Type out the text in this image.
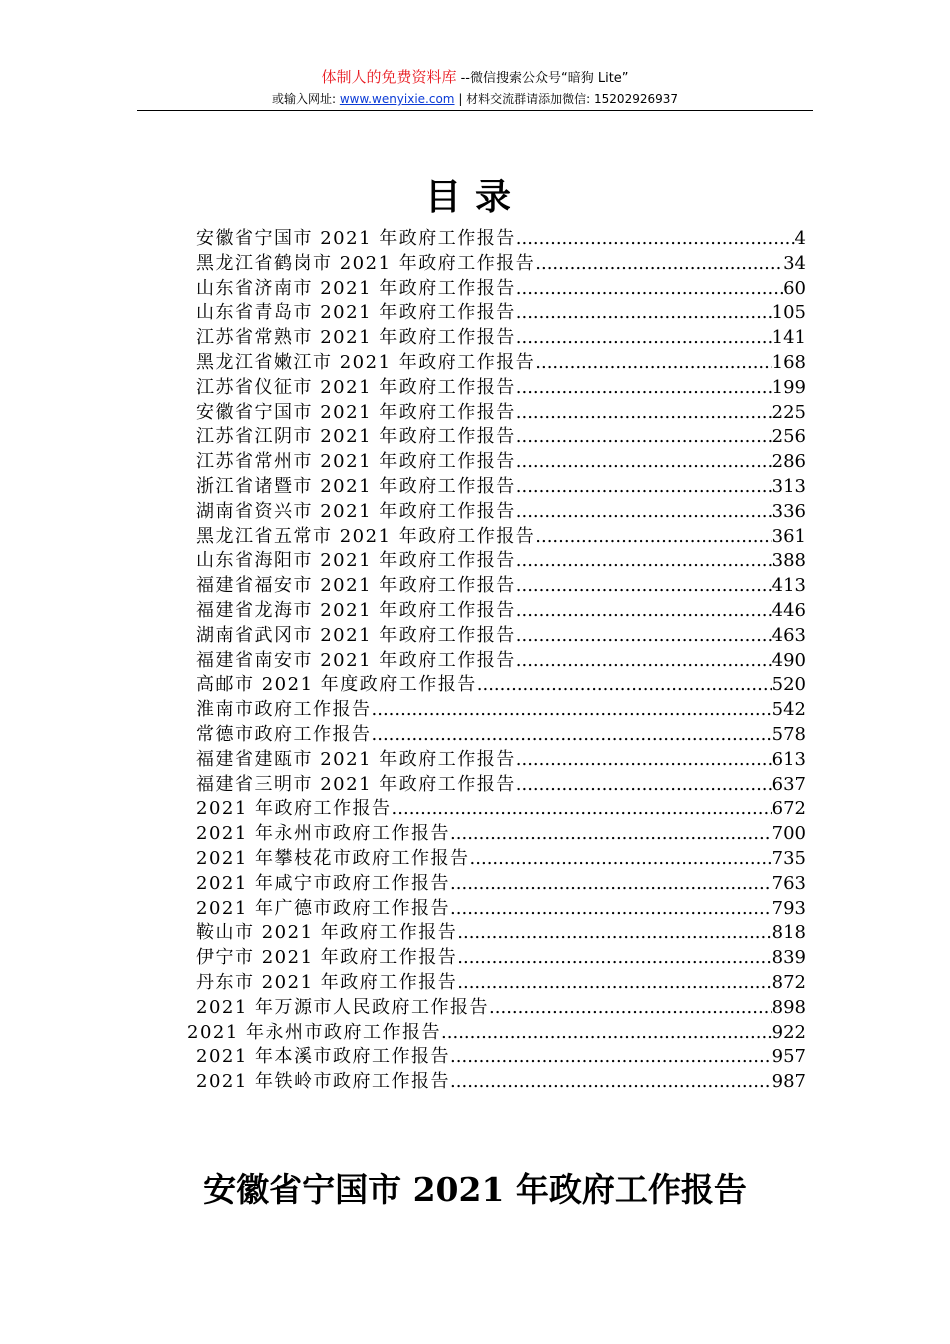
体制人的免费资料库 --微信搜索公众号“暗狗 Lite”
或输入网址: www.wenyixie.com | 材料交流群请添加微信: 15202926937
目录
安徽省宁国市 2021 年政府工作报告 .....	4
黑龙江省鹤岗市 2021 年政府工作报告 .....	34
山东省济南市 2021 年政府工作报告 .....	60
山东省青岛市 2021 年政府工作报告 .....	105
江苏省常熟市 2021 年政府工作报告 .....	141
黑龙江省嫩江市 2021 年政府工作报告 .....	168
江苏省仪征市 2021 年政府工作报告 .....	199
安徽省宁国市 2021 年政府工作报告 .....	225
江苏省江阴市 2021 年政府工作报告 .....	256
江苏省常州市 2021 年政府工作报告 .....	286
浙江省诸暨市 2021 年政府工作报告 .....	313
湖南省资兴市 2021 年政府工作报告 .....	336
黑龙江省五常市 2021 年政府工作报告 .....	361
山东省海阳市 2021 年政府工作报告 .....	388
福建省福安市 2021 年政府工作报告 .....	413
福建省龙海市 2021 年政府工作报告 .....	446
湖南省武冈市 2021 年政府工作报告 .....	463
福建省南安市 2021 年政府工作报告 .....	490
高邮市 2021 年度政府工作报告 .....	520
淮南市政府工作报告 .....	542
常德市政府工作报告 .....	578
福建省建瓯市 2021 年政府工作报告 .....	613
福建省三明市 2021 年政府工作报告 .....	637
2021 年政府工作报告 .....	672
2021 年永州市政府工作报告 .....	700
2021 年攀枝花市政府工作报告 .....	735
2021 年咸宁市政府工作报告 .....	763
2021 年广德市政府工作报告 .....	793
鞍山市 2021 年政府工作报告 .....	818
伊宁市 2021 年政府工作报告 .....	839
丹东市 2021 年政府工作报告 .....	872
2021 年万源市人民政府工作报告 .....	898
2021 年永州市政府工作报告 .....	922
2021 年本溪市政府工作报告 .....	957
2021 年铁岭市政府工作报告 .....	987
安徽省宁国市 2021 年政府工作报告
